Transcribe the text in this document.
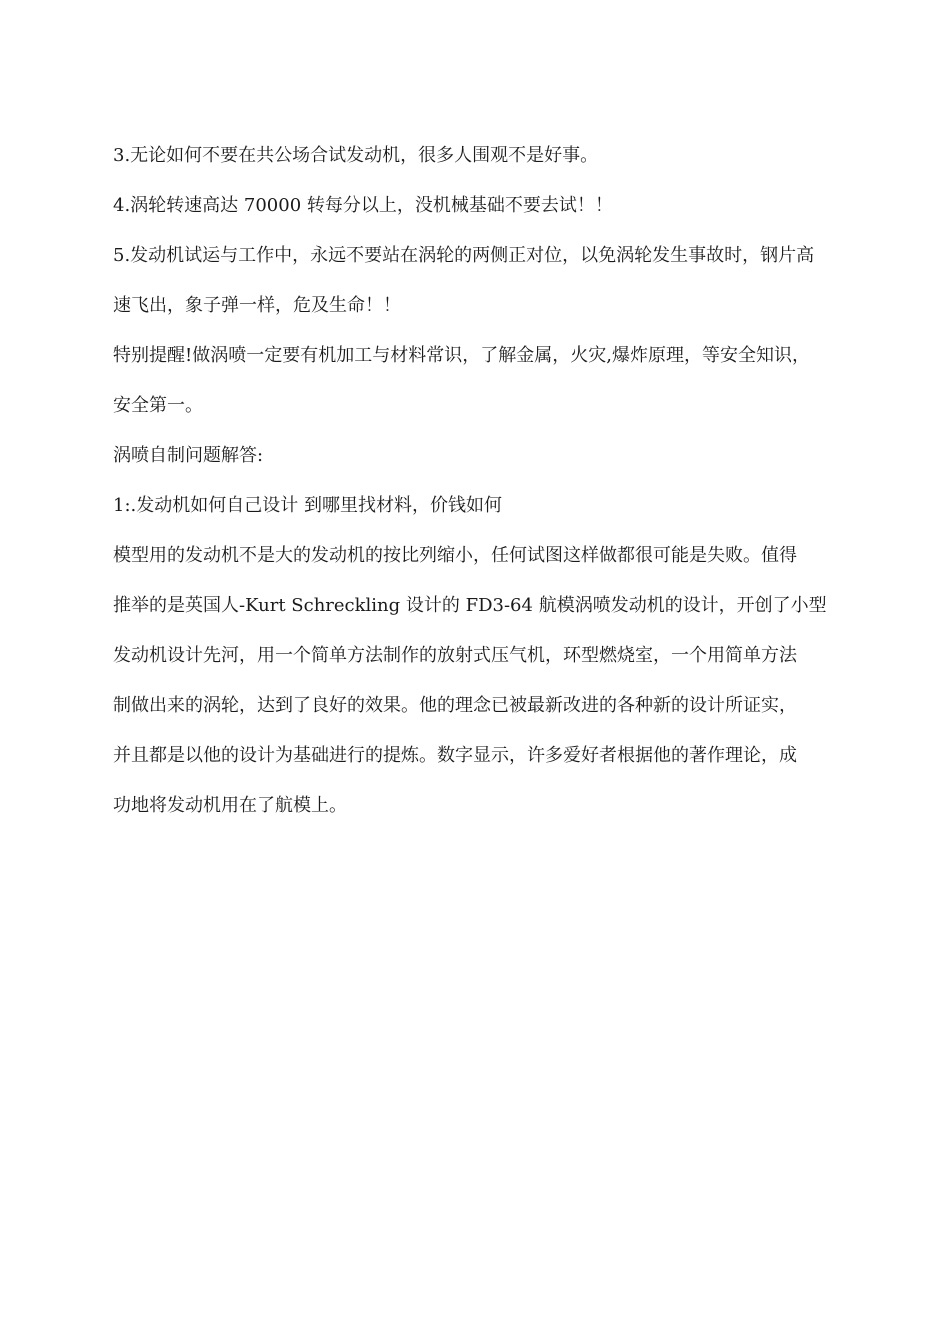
3.无论如何不要在共公场合试发动机，很多人围观不是好事。
4.涡轮转速高达 70000 转每分以上，没机械基础不要去试！！
5.发动机试运与工作中，永远不要站在涡轮的两侧正对位，以免涡轮发生事故时，钢片高
速飞出，象子弹一样，危及生命！！
特别提醒!做涡喷一定要有机加工与材料常识，了解金属，火灾,爆炸原理，等安全知识，
安全第一。
涡喷自制问题解答:
1:.发动机如何自己设计 到哪里找材料，价钱如何
模型用的发动机不是大的发动机的按比列缩小，任何试图这样做都很可能是失败。值得
推举的是英国人-Kurt Schreckling 设计的 FD3-64 航模涡喷发动机的设计，开创了小型
发动机设计先河，用一个简单方法制作的放射式压气机，环型燃烧室，一个用简单方法
制做出来的涡轮，达到了良好的效果。他的理念已被最新改进的各种新的设计所证实，
并且都是以他的设计为基础进行的提炼。数字显示，许多爱好者根据他的著作理论，成
功地将发动机用在了航模上。
